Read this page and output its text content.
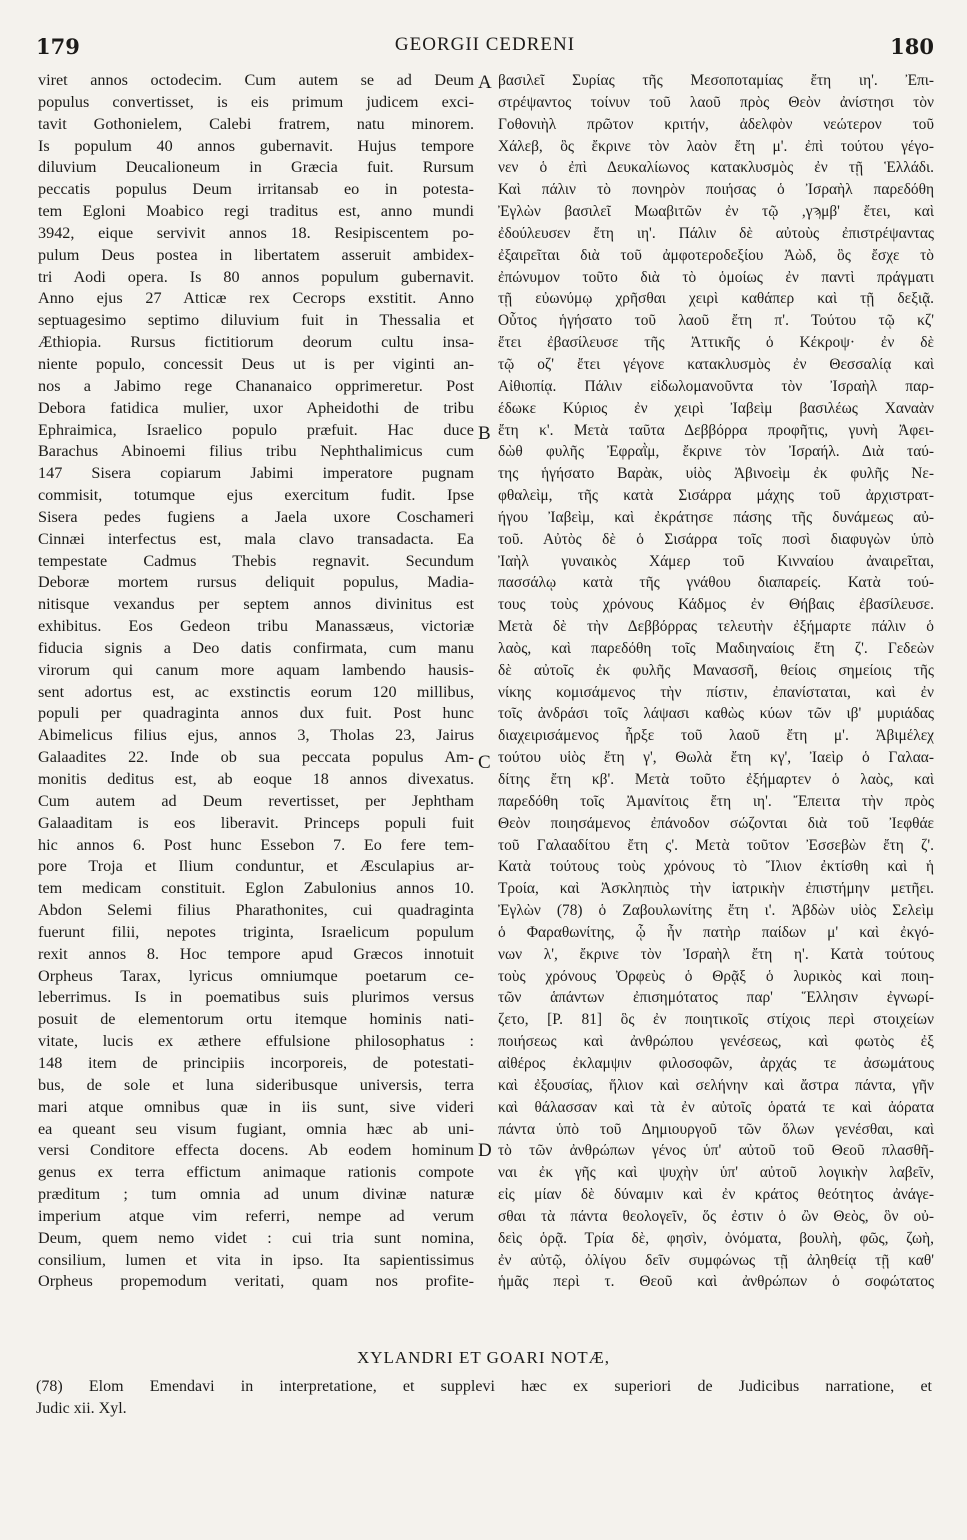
179	GEORGII CEDRENI	180
viret annos octodecim. Cum autem se ad Deum
populus convertisset, is eis primum judicem exci-
tavit Gothonielem, Calebi fratrem, natu minorem.
Is populum 40 annos gubernavit. Hujus tempore
diluvium Deucalioneum in Græcia fuit. Rursum
peccatis populus Deum irritansab eo in potesta-
tem Egloni Moabico regi traditus est, anno mundi
3942, eique servivit annos 18. Resipiscentem po-
pulum Deus postea in libertatem asseruit ambidex-
tri Aodi opera. Is 80 annos populum gubernavit.
Anno ejus 27 Atticæ rex Cecrops exstitit. Anno
septuagesimo septimo diluvium fuit in Thessalia et
Æthiopia. Rursus fictitiorum deorum cultu insa-
niente populo, concessit Deus ut is per viginti an-
nos a Jabimo rege Chananaico opprimeretur. Post
Debora fatidica mulier, uxor Apheidothi de tribu
Ephraimica, Israelico populo præfuit. Hac duce
Barachus Abinoemi filius tribu Nephthalimicus cum
147 Sisera copiarum Jabimi imperatore pugnam
commisit, totumque ejus exercitum fudit. Ipse
Sisera pedes fugiens a Jaela uxore Coschameri
Cinnæi interfectus est, mala clavo transadacta. Ea
tempestate Cadmus Thebis regnavit. Secundum
Deboræ mortem rursus deliquit populus, Madia-
nitisque vexandus per septem annos divinitus est
exhibitus. Eos Gedeon tribu Manassæus, victoriæ
fiducia signis a Deo datis confirmata, cum manu
virorum qui canum more aquam lambendo hausis-
sent adortus est, ac exstinctis eorum 120 millibus,
populi per quadraginta annos dux fuit. Post hunc
Abimelicus filius ejus, annos 3, Tholas 23, Jairus
Galaadites 22. Inde ob sua peccata populus Am-
monitis deditus est, ab eoque 18 annos divexatus.
Cum autem ad Deum revertisset, per Jephtham
Galaaditam is eos liberavit. Princeps populi fuit
hic annos 6. Post hunc Essebon 7. Eo fere tem-
pore Troja et Ilium conduntur, et Æsculapius ar-
tem medicam constituit. Eglon Zabulonius annos 10.
Abdon Selemi filius Pharathonites, cui quadraginta
fuerunt filii, nepotes triginta, Israelicum populum
rexit annos 8. Hoc tempore apud Græcos innotuit
Orpheus Tarax, lyricus omniumque poetarum ce-
leberrimus. Is in poematibus suis plurimos versus
posuit de elementorum ortu itemque hominis nati-
vitate, lucis ex æthere effulsione philosophatus :
148 item de principiis incorporeis, de potestati-
bus, de sole et luna sideribusque universis, terra
mari atque omnibus quæ in iis sunt, sive videri
ea queant seu visum fugiant, omnia hæc ab uni-
versi Conditore effecta docens. Ab eodem hominum
genus ex terra effictum animaque rationis compote
præditum ; tum omnia ad unum divinæ naturæ
imperium atque vim referri, nempe ad verum
Deum, quem nemo videt : cui tria sunt nomina,
consilium, lumen et vita in ipso. Ita sapientissimus
Orpheus propemodum veritati, quam nos profite-
βασιλεῖ Συρίας τῆς Μεσοποταμίας ἔτη ιη'. Ἐπι-
στρέψαντος τοίνυν τοῦ λαοῦ πρὸς Θεὸν ἀνίστησι τὸν
Γοθονιὴλ πρῶτον κριτήν, ἀδελφὸν νεώτερον τοῦ
Χάλεβ, ὃς ἔκρινε τὸν λαὸν ἔτη μ'. ἐπὶ τούτου γέγο-
νεν ὁ ἐπὶ Δευκαλίωνος κατακλυσμὸς ἐν τῇ Ἑλλάδι.
Καὶ πάλιν τὸ πονηρὸν ποιήσας ὁ Ἰσραὴλ παρεδόθη
Ἐγλὼν βασιλεῖ Μωαβιτῶν ἐν τῷ ,γϡμβ' ἔτει, καὶ
ἐδούλευσεν ἔτη ιη'. Πάλιν δὲ αὐτοὺς ἐπιστρέψαντας
ἐξαιρεῖται διὰ τοῦ ἀμφοτεροδεξίου Ἀὼδ, ὃς ἔσχε τὸ
ἐπώνυμον τοῦτο διὰ τὸ ὁμοίως ἐν παντὶ πράγματι
τῇ εὐωνύμῳ χρῆσθαι χειρὶ καθάπερ καὶ τῇ δεξιᾷ.
Οὗτος ἡγήσατο τοῦ λαοῦ ἔτη π'. Τούτου τῷ κζ'
ἔτει ἐβασίλευσε τῆς Ἀττικῆς ὁ Κέκροψ· ἐν δὲ
τῷ οζ' ἔτει γέγονε κατακλυσμὸς ἐν Θεσσαλίᾳ καὶ
Αἰθιοπίᾳ. Πάλιν εἰδωλομανοῦντα τὸν Ἰσραὴλ παρ-
έδωκε Κύριος ἐν χειρὶ Ἰαβεὶμ βασιλέως Χαναὰν
ἔτη κ'. Μετὰ ταῦτα Δεββόρρα προφῆτις, γυνὴ Ἀφει-
δὼθ φυλῆς Ἐφραῒμ, ἔκρινε τὸν Ἰσραήλ. Διὰ ταύ-
της ἡγήσατο Βαρὰκ, υἱὸς Ἀβινοεὶμ ἐκ φυλῆς Νε-
φθαλεὶμ, τῆς κατὰ Σισάρρα μάχης τοῦ ἀρχιστρατ-
ήγου Ἰαβεὶμ, καὶ ἐκράτησε πάσης τῆς δυνάμεως αὐ-
τοῦ. Αὐτὸς δὲ ὁ Σισάρρα τοῖς ποσὶ διαφυγὼν ὑπὸ
Ἰαὴλ γυναικὸς Χάμερ τοῦ Κινναίου ἀναιρεῖται,
πασσάλῳ κατὰ τῆς γνάθου διαπαρείς. Κατὰ τού-
τους τοὺς χρόνους Κάδμος ἐν Θήβαις ἐβασίλευσε.
Μετὰ δὲ τὴν Δεββόρρας τελευτὴν ἐξήμαρτε πάλιν ὁ
λαὸς, καὶ παρεδόθη τοῖς Μαδιηναίοις ἔτη ζ'. Γεδεὼν
δὲ αὐτοῖς ἐκ φυλῆς Μανασσῆ, θείοις σημείοις τῆς
νίκης κομισάμενος τὴν πίστιν, ἐπανίσταται, καὶ ἐν
τοῖς ἀνδράσι τοῖς λάψασι καθὼς κύων τῶν ιβ' μυριάδας
διαχειρισάμενος ἦρξε τοῦ λαοῦ ἔτη μ'. Ἀβιμέλεχ
τούτου υἱὸς ἔτη γ', Θωλὰ ἔτη κγ', Ἰαεὶρ ὁ Γαλαα-
δίτης ἔτη κβ'. Μετὰ τοῦτο ἐξήμαρτεν ὁ λαὸς, καὶ
παρεδόθη τοῖς Ἀμανίτοις ἔτη ιη'. Ἔπειτα τὴν πρὸς
Θεὸν ποιησάμενος ἐπάνοδον σώζονται διὰ τοῦ Ἰεφθάε
τοῦ Γαλααδίτου ἔτη ς'. Μετὰ τοῦτον Ἐσσεβὼν ἔτη ζ'.
Κατὰ τούτους τοὺς χρόνους τὸ Ἴλιον ἐκτίσθη καὶ ἡ
Τροία, καὶ Ἀσκληπιὸς τὴν ἰατρικὴν ἐπιστήμην μετῆει.
Ἐγλὼν (78) ὁ Ζαβουλωνίτης ἔτη ι'. Ἀβδὼν υἱὸς Σελεὶμ
ὁ Φαραθωνίτης, ᾧ ἦν πατὴρ παίδων μ' καὶ ἐκγό-
νων λ', ἔκρινε τὸν Ἰσραὴλ ἔτη η'. Κατὰ τούτους
τοὺς χρόνους Ὀρφεὺς ὁ Θρᾷξ ὁ λυρικὸς καὶ ποιη-
τῶν ἁπάντων ἐπισημότατος παρ' Ἕλλησιν ἐγνωρί-
ζετο, [P. 81] ὃς ἐν ποιητικοῖς στίχοις περὶ στοιχείων
ποιήσεως καὶ ἀνθρώπου γενέσεως, καὶ φωτὸς ἐξ
αἰθέρος ἐκλαμψιν φιλοσοφῶν, ἀρχάς τε ἀσωμάτους
καὶ ἐξουσίας, ἥλιον καὶ σελήνην καὶ ἄστρα πάντα, γῆν
καὶ θάλασσαν καὶ τὰ ἐν αὐτοῖς ὁρατά τε καὶ ἀόρατα
πάντα ὑπὸ τοῦ Δημιουργοῦ τῶν ὅλων γενέσθαι, καὶ
τὸ τῶν ἀνθρώπων γένος ὑπ' αὐτοῦ τοῦ Θεοῦ πλασθῆ-
ναι ἐκ γῆς καὶ ψυχὴν ὑπ' αὐτοῦ λογικὴν λαβεῖν,
εἰς μίαν δὲ δύναμιν καὶ ἐν κράτος θεότητος ἀνάγε-
σθαι τὰ πάντα θεολογεῖν, ὅς ἐστιν ὁ ὢν Θεὸς, ὃν οὐ-
δεὶς ὁρᾷ. Τρία δὲ, φησὶν, ὀνόματα, βουλὴ, φῶς, ζωὴ,
ἐν αὐτῷ, ὀλίγου δεῖν συμφώνως τῇ ἀληθείᾳ τῇ καθ'
ἡμᾶς περὶ τ. Θεοῦ καὶ ἀνθρώπων ὁ σοφώτατος
A
B
C
D
XYLANDRI ET GOARI NOTÆ,
(78) Elom Emendavi in interpretatione, et supplevi hæc ex superiori de Judicibus narratione, et
Judic xii. Xyl.
